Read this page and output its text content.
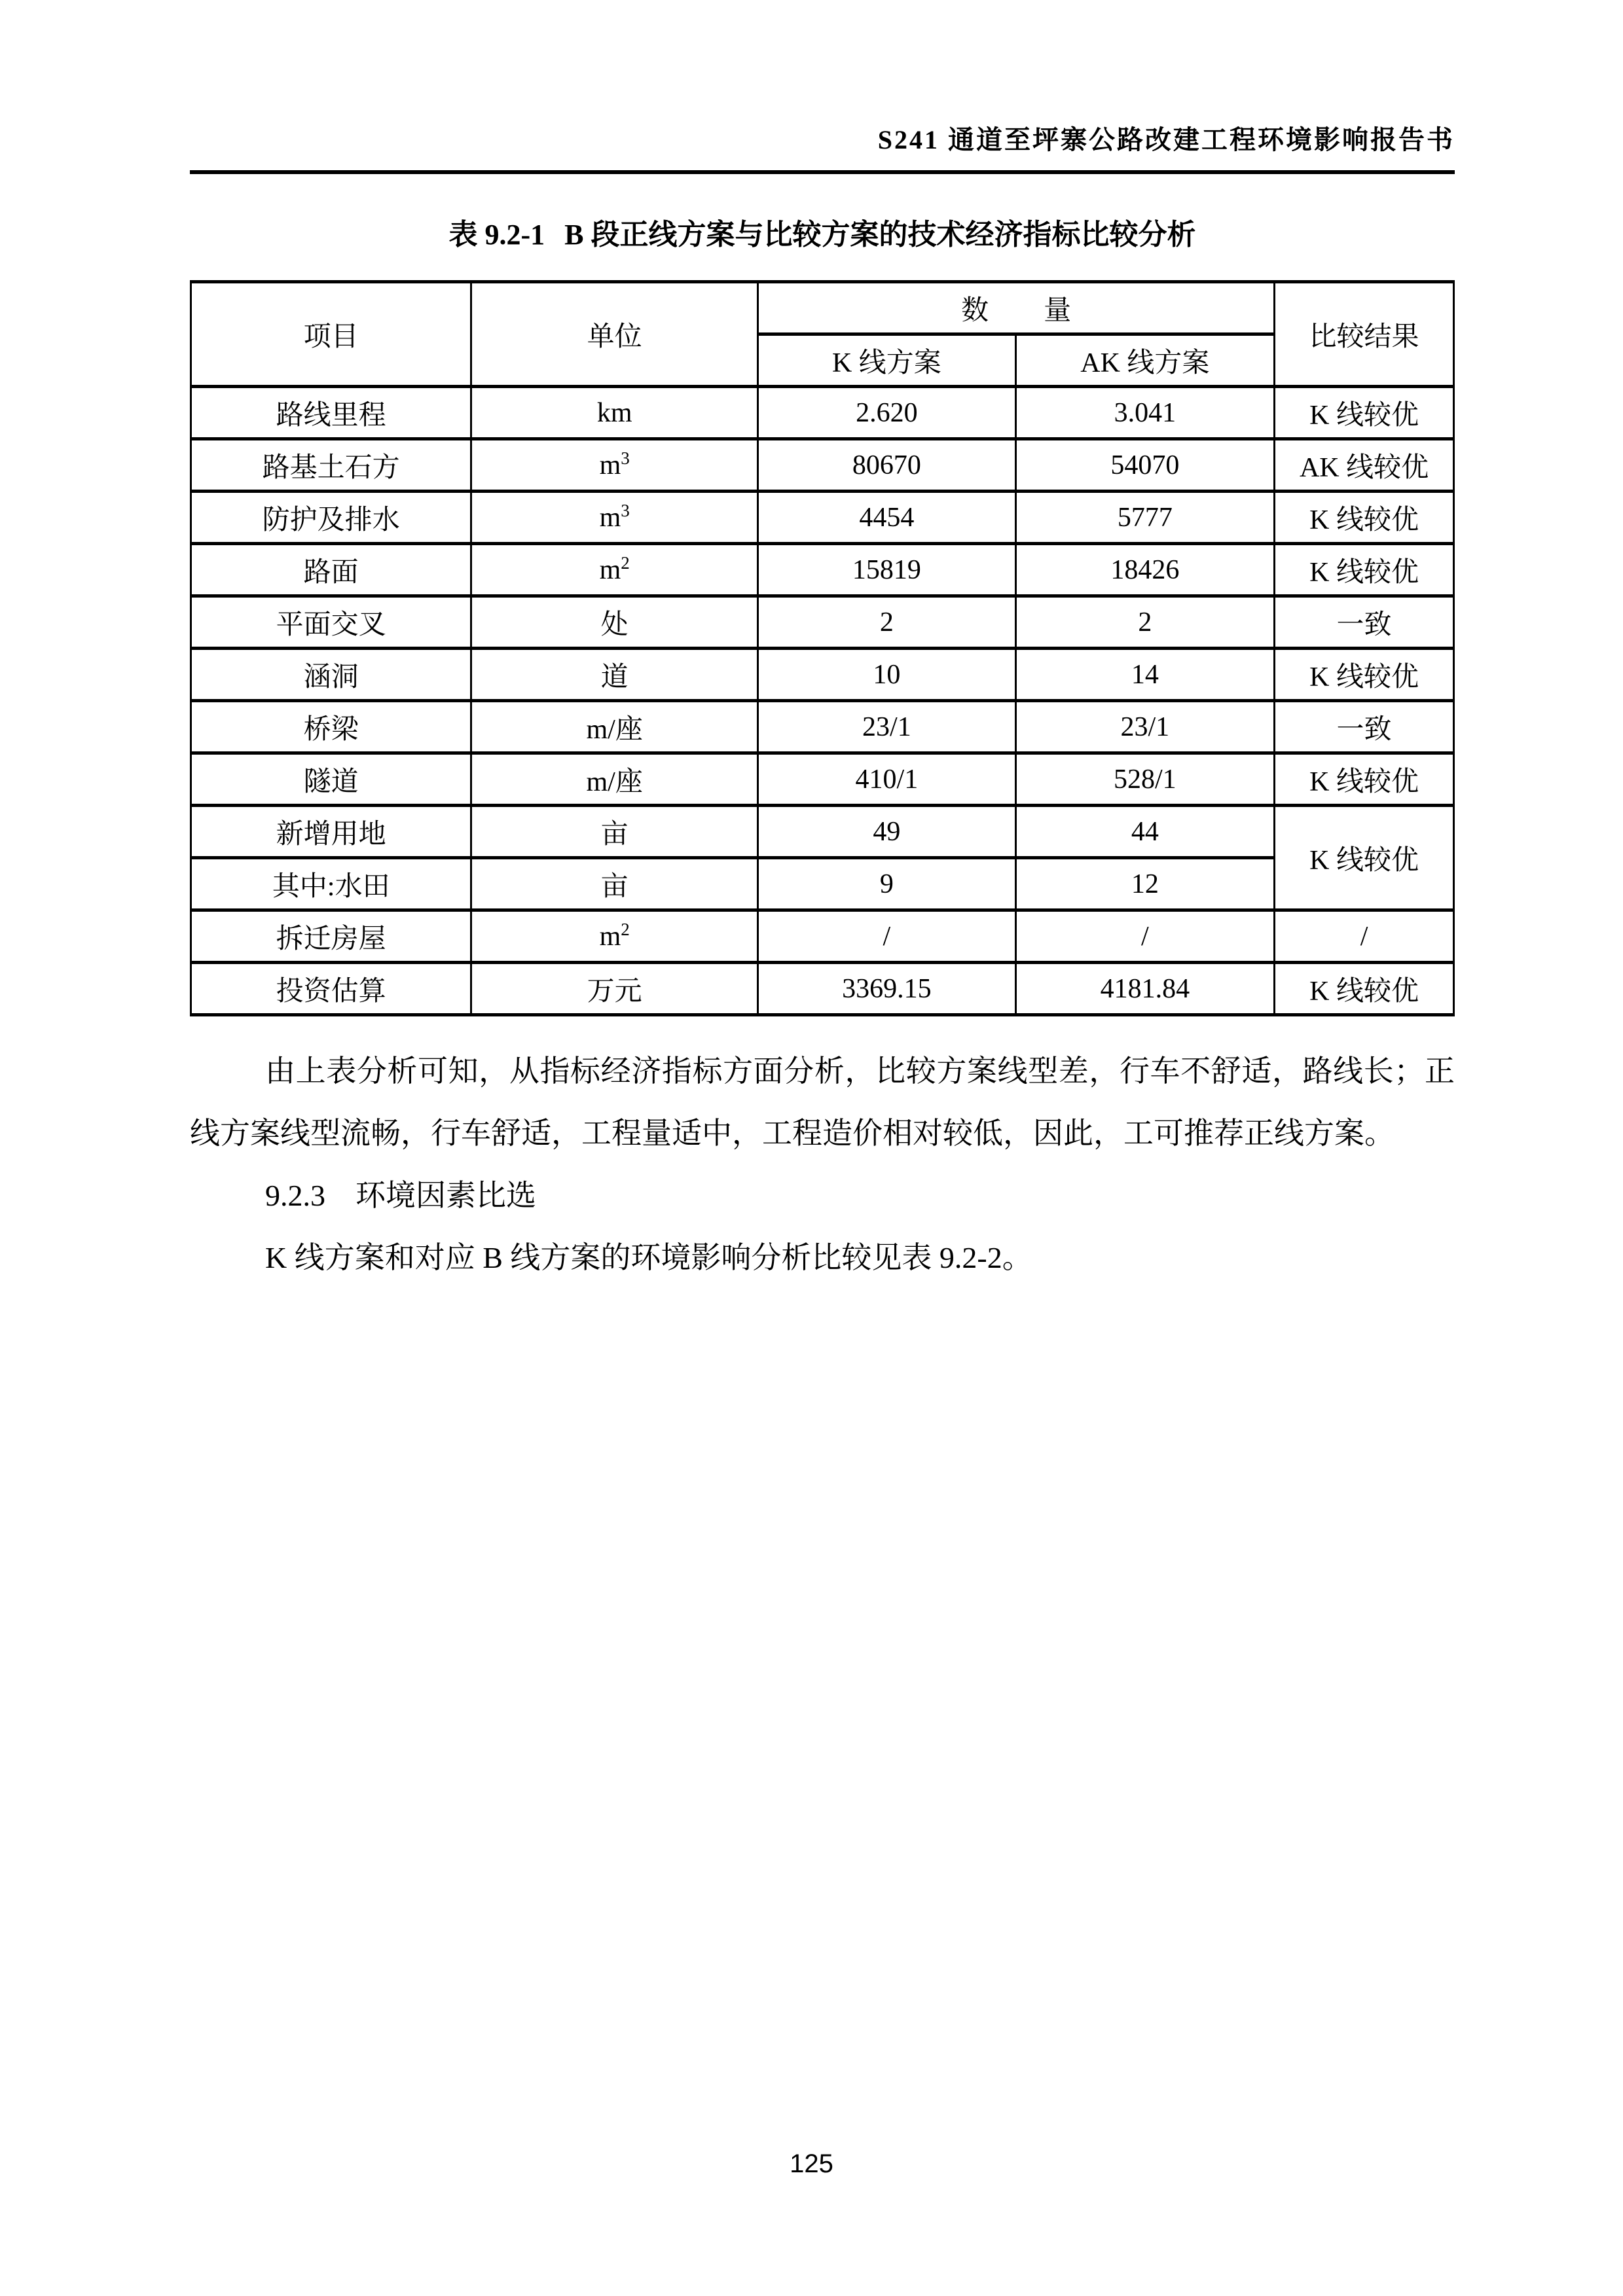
S241 通道至坪寨公路改建工程环境影响报告书
表 9.2-1 B 段正线方案与比较方案的技术经济指标比较分析
项目	单位	数　　量		比较结果
		K 线方案	AK 线方案	
路线里程	km	2.620	3.041	K 线较优
路基土石方	$m^3$	80670	54070	AK 线较优
防护及排水	$m^3$	4454	5777	K 线较优
路面	$m^2$	15819	18426	K 线较优
平面交叉	处	2	2	一致
涵洞	道	10	14	K 线较优
桥梁	m/座	23/1	23/1	一致
隧道	m/座	410/1	528/1	K 线较优
新增用地	亩	49	44	K 线较优
其中:水田	亩	9	12	
拆迁房屋	$m^2$	/	/	/
投资估算	万元	3369.15	4181.84	K 线较优

由上表分析可知，从指标经济指标方面分析，比较方案线型差，行车不舒适，路线长；正线方案线型流畅，行车舒适，工程量适中，工程造价相对较低，因此，工可推荐正线方案。

9.2.3 环境因素比选

K 线方案和对应 B 线方案的环境影响分析比较见表 9.2-2。

125
